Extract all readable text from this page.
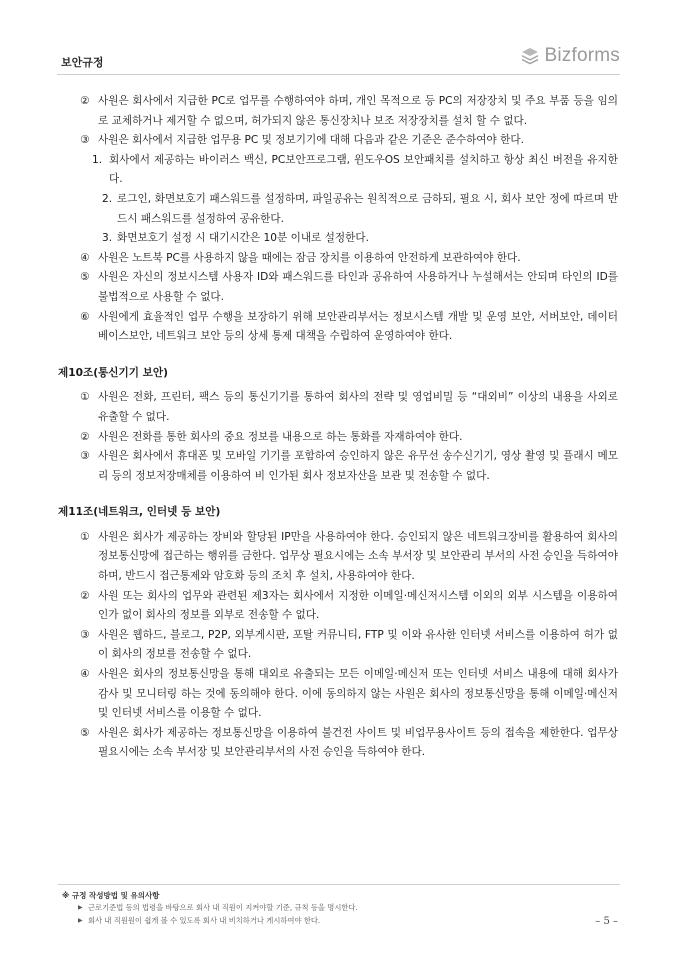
보안규정	Bizforms

② 사원은 회사에서 지급한 PC로 업무를 수행하여야 하며, 개인 목적으로 등 PC의 저장장치 및 주요 부품 등을 임의로 교체하거나 제거할 수 없으며, 허가되지 않은 통신장치나 보조 저장장치를 설치 할 수 없다.

③ 사원은 회사에서 지급한 업무용 PC 및 정보기기에 대해 다음과 같은 기준은 준수하여야 한다.

1. 회사에서 제공하는 바이러스 백신, PC보안프로그램, 윈도우OS 보안패치를 설치하고 항상 최신 버전을 유지한다.

2. 로그인, 화면보호기 패스워드를 설정하며, 파일공유는 원칙적으로 금하되, 필요 시, 회사 보안 정에 따르며 반드시 패스워드를 설정하여 공유한다.

3. 화면보호기 설정 시 대기시간은 10분 이내로 설정한다.

④ 사원은 노트북 PC를 사용하지 않을 때에는 잠금 장치를 이용하여 안전하게 보관하여야 한다.

⑤ 사원은 자신의 정보시스템 사용자 ID와 패스워드를 타인과 공유하여 사용하거나 누설해서는 안되며 타인의 ID를 불법적으로 사용할 수 없다.

⑥ 사원에게 효율적인 업무 수행을 보장하기 위해 보안관리부서는 정보시스템 개발 및 운영 보안, 서버보안, 데이터베이스보안, 네트워크 보안 등의 상세 통제 대책을 수립하여 운영하여야 한다.

제10조(통신기기 보안)

① 사원은 전화, 프린터, 팩스 등의 통신기기를 통하여 회사의 전략 및 영업비밀 등 “대외비” 이상의 내용을 사외로 유출할 수 없다.

② 사원은 전화를 통한 회사의 중요 정보를 내용으로 하는 통화를 자재하여야 한다.

③ 사원은 회사에서 휴대폰 및 모바일 기기를 포함하여 승인하지 않은 유무선 송수신기기, 영상 촬영 및 플래시 메모리 등의 정보저장매체를 이용하여 비 인가된 회사 정보자산을 보관 및 전송할 수 없다.

제11조(네트워크, 인터넷 등 보안)

① 사원은 회사가 제공하는 장비와 할당된 IP만을 사용하여야 한다. 승인되지 않은 네트워크장비를 활용하여 회사의 정보통신망에 접근하는 행위를 금한다. 업무상 필요시에는 소속 부서장 및 보안관리 부서의 사전 승인을 득하여야 하며, 반드시 접근통제와 암호화 등의 조치 후 설치, 사용하여야 한다.

② 사원 또는 회사의 업무와 관련된 제3자는 회사에서 지정한 이메일·메신저시스템 이외의 외부 시스템을 이용하여 인가 없이 회사의 정보를 외부로 전송할 수 없다.

③ 사원은 웹하드, 블로그, P2P, 외부게시판, 포탈 커뮤니티, FTP 및 이와 유사한 인터넷 서비스를 이용하여 허가 없이 회사의 정보를 전송할 수 없다.

④ 사원은 회사의 정보통신망을 통해 대외로 유출되는 모든 이메일·메신저 또는 인터넷 서비스 내용에 대해 회사가 감사 및 모니터링 하는 것에 동의해야 한다. 이에 동의하지 않는 사원은 회사의 정보통신망을 통해 이메일·메신저 및 인터넷 서비스를 이용할 수 없다.

⑤ 사원은 회사가 제공하는 정보통신망을 이용하여 불건전 사이트 및 비업무용사이트 등의 접속을 제한한다. 업무상 필요시에는 소속 부서장 및 보안관리부서의 사전 승인을 득하여야 한다.

※ 규정 작성방법 및 유의사항
▶ 근로기준법 등의 법령을 바탕으로 회사 내 직원이 지켜야할 기준, 규칙 등을 명시한다.
▶ 회사 내 직원원이 쉽게 볼 수 있도록 회사 내 비치하거나 게시하여야 한다.	– 5 –
